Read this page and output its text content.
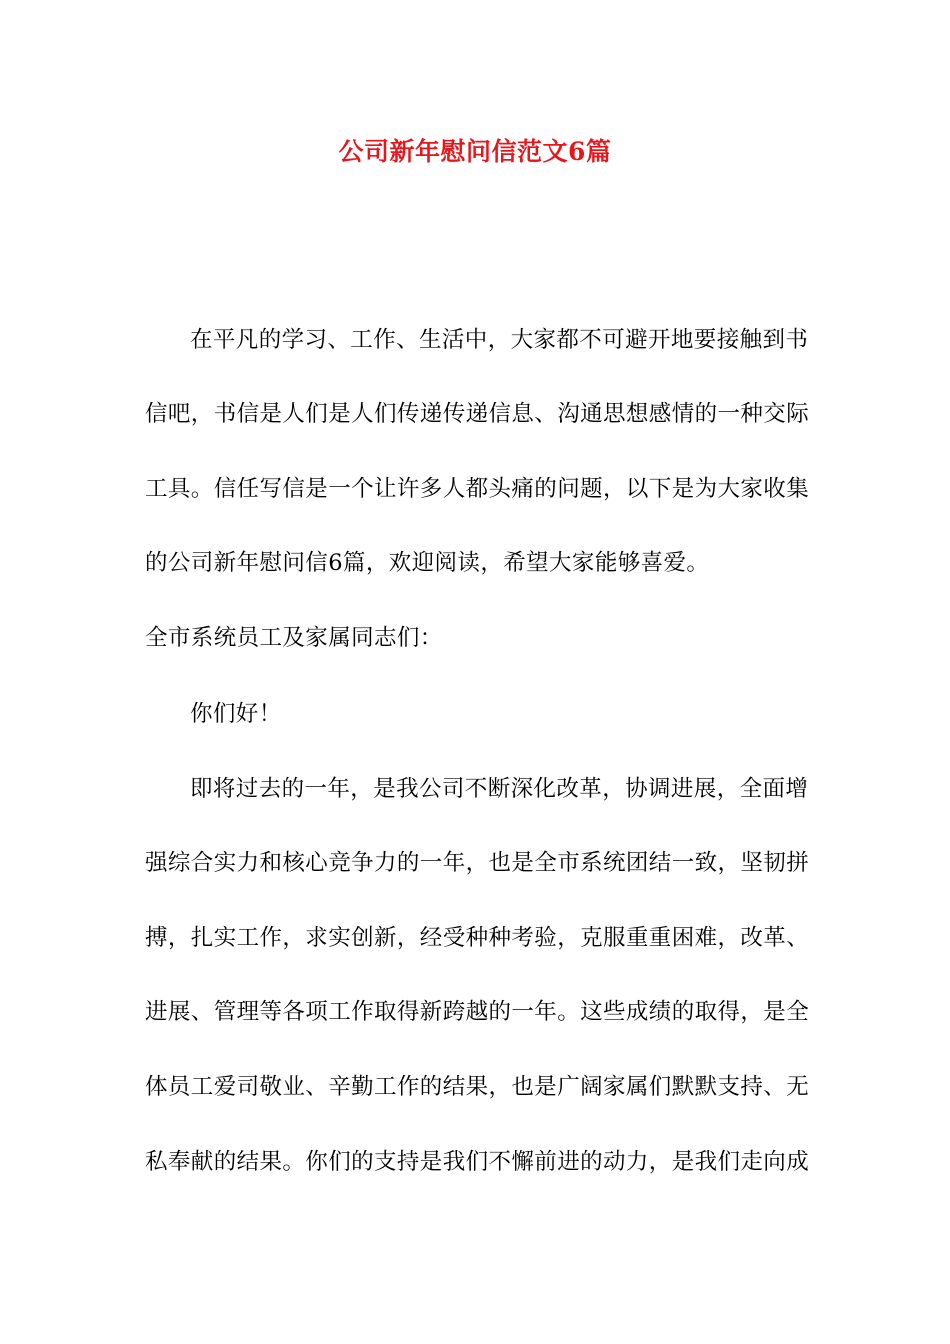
公司新年慰问信范文6篇
在平凡的学习、工作、生活中，大家都不可避开地要接触到书
信吧，书信是人们是人们传递传递信息、沟通思想感情的一种交际
工具。信任写信是一个让许多人都头痛的问题，以下是为大家收集
的公司新年慰问信6篇，欢迎阅读，希望大家能够喜爱。
全市系统员工及家属同志们：
你们好！
即将过去的一年，是我公司不断深化改革，协调进展，全面增
强综合实力和核心竞争力的一年，也是全市系统团结一致，坚韧拼
搏，扎实工作，求实创新，经受种种考验，克服重重困难，改革、
进展、管理等各项工作取得新跨越的一年。这些成绩的取得，是全
体员工爱司敬业、辛勤工作的结果，也是广阔家属们默默支持、无
私奉献的结果。你们的支持是我们不懈前进的动力，是我们走向成
